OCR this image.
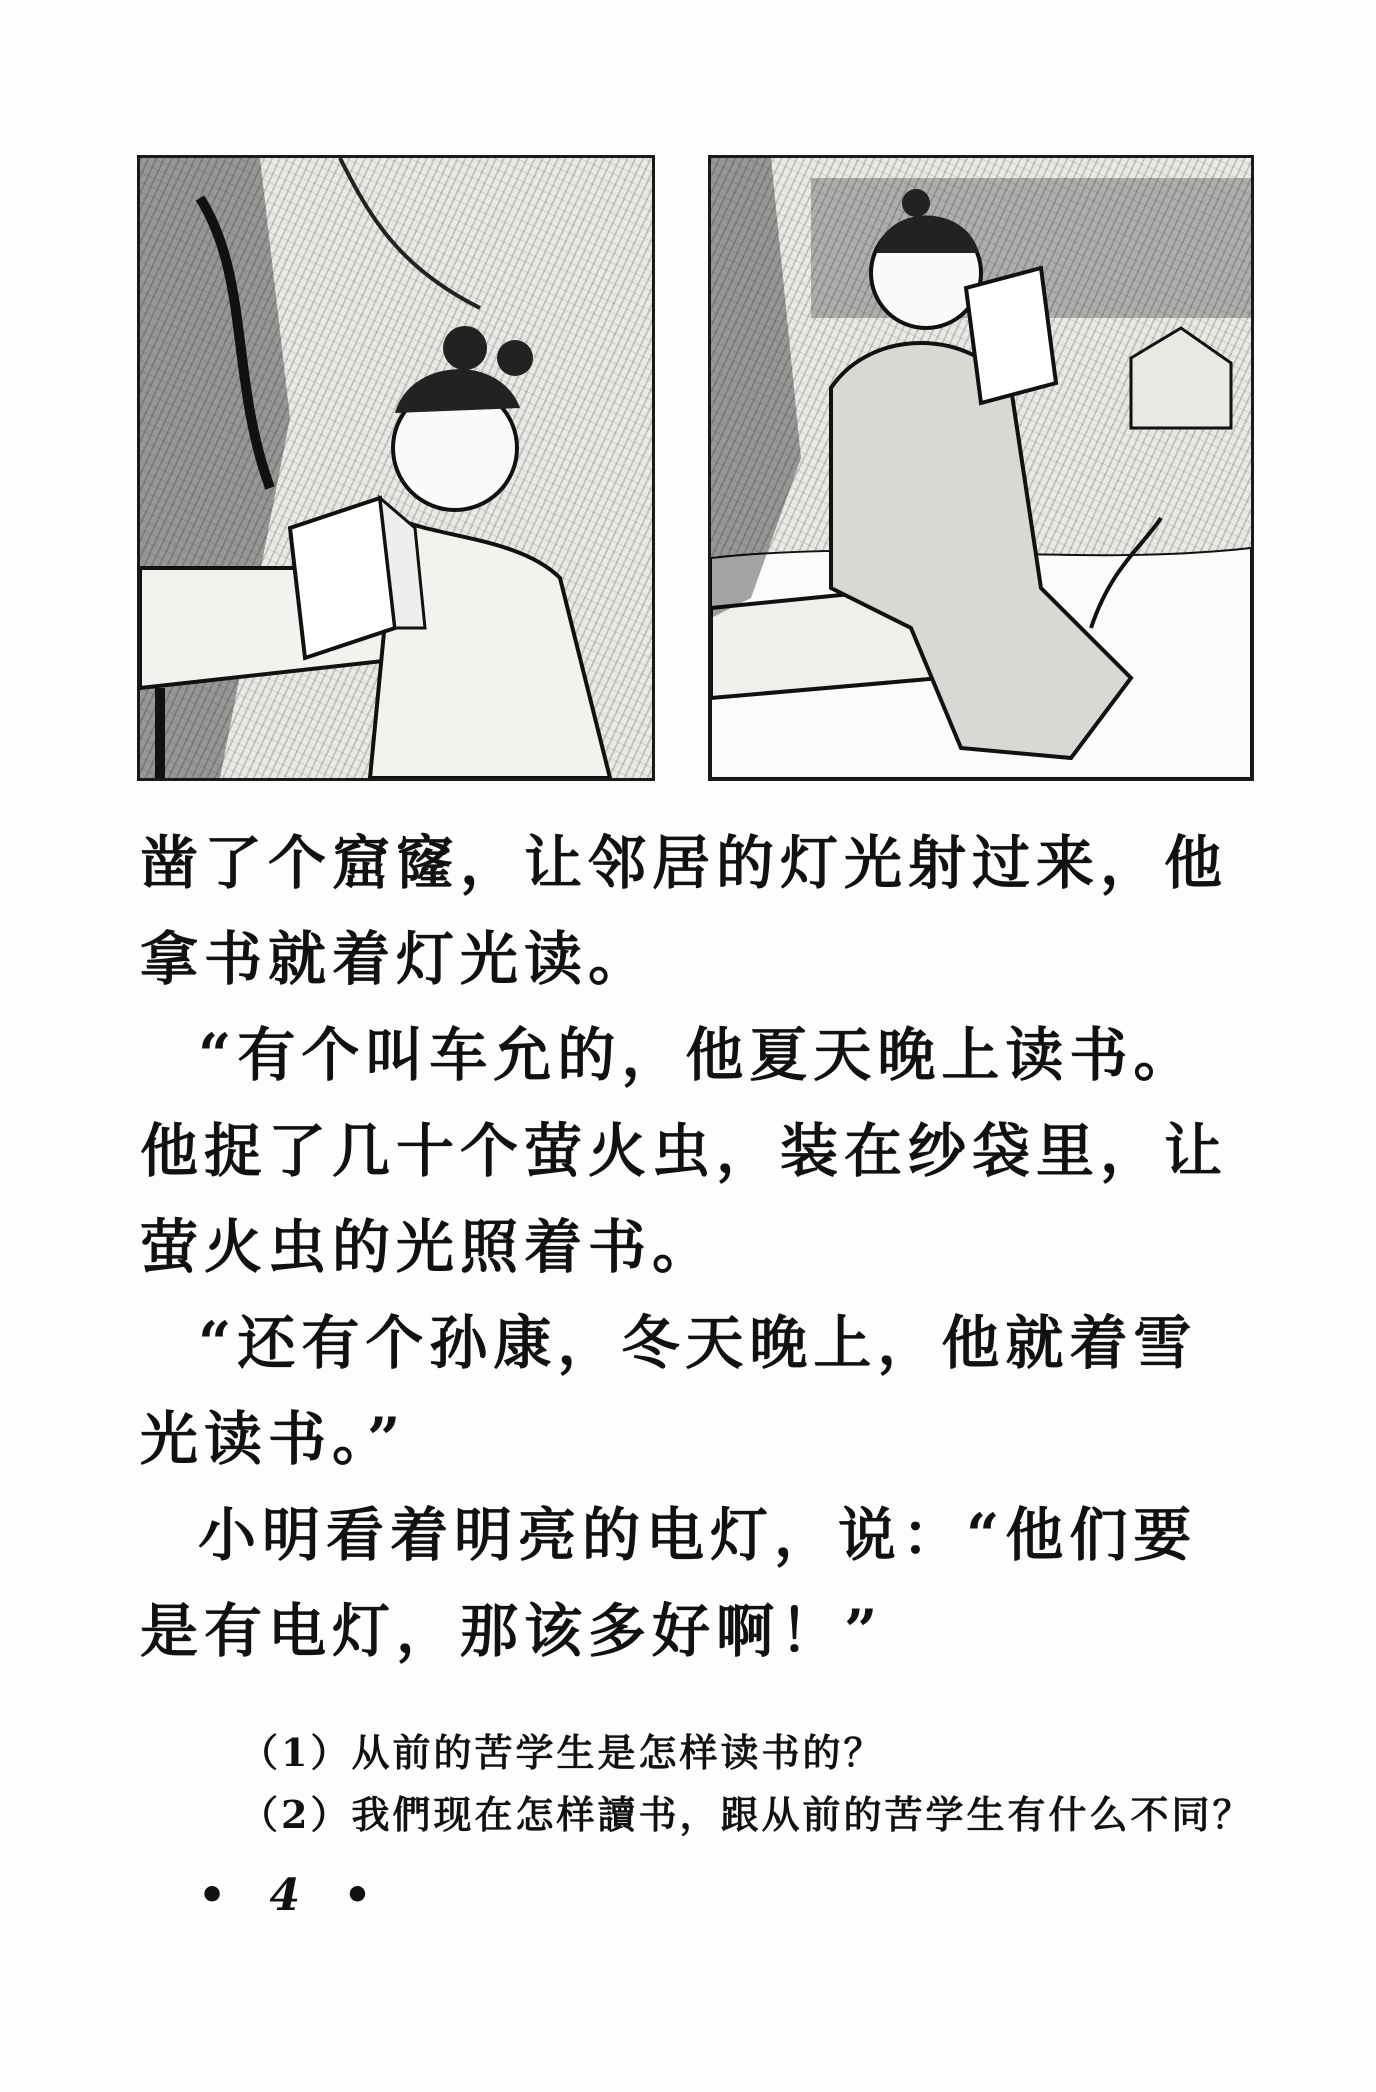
凿了个窟窿，让邻居的灯光射过来，他拿书就着灯光读。

“有个叫车允的，他夏天晚上读书。他捉了几十个萤火虫，装在纱袋里，让萤火虫的光照着书。

“还有个孙康，冬天晚上，他就着雪光读书。”

小明看着明亮的电灯，说：“他们要是有电灯，那该多好啊！”

（1）从前的苦学生是怎样读书的？

（2）我們现在怎样讀书，跟从前的苦学生有什么不同？

• 4 •
